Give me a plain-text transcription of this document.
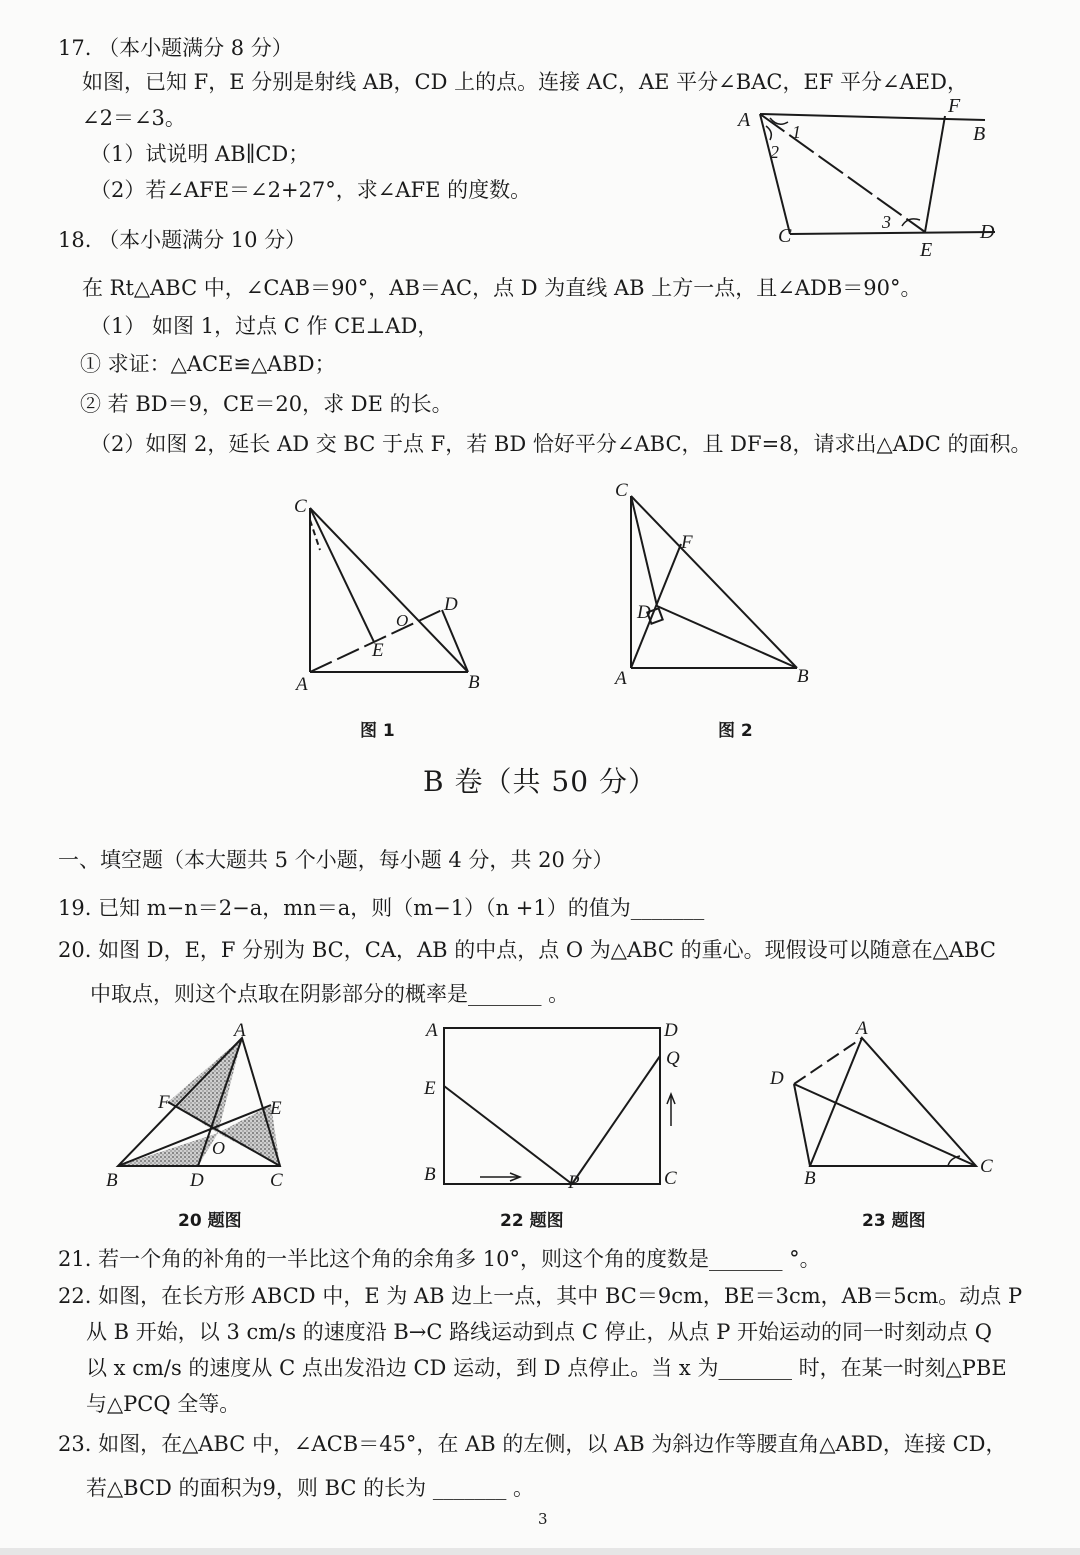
17. （本小题满分 8 分）
如图，已知 F，E 分别是射线 AB，CD 上的点。连接 AC，AE 平分∠BAC，EF 平分∠AED，
∠2＝∠3。
（1）试说明 AB∥CD；
（2）若∠AFE＝∠2+27°，求∠AFE 的度数。
A
F
B
C
E
D
1
2
3
18. （本小题满分 10 分）
在 Rt△ABC 中，∠CAB＝90°，AB＝AC，点 D 为直线 AB 上方一点，且∠ADB＝90°。
（1） 如图 1，过点 C 作 CE⊥AD，
① 求证：△ACE≌△ABD；
② 若 BD＝9，CE＝20，求 DE 的长。
（2）如图 2，延长 AD 交 BC 于点 F，若 BD 恰好平分∠ABC，且 DF=8，请求出△ADC 的面积。
C
D
O
E
A	B
图 1
C
F
D
A	B
图 2
B 卷（共 50 分）
一、填空题（本大题共 5 个小题，每小题 4 分，共 20 分）
19. 已知 m−n＝2−a，mn＝a，则（m−1）（n +1）的值为_______
20. 如图 D，E，F 分别为 BC，CA，AB 的中点，点 O 为△ABC 的重心。现假设可以随意在△ABC
中取点，则这个点取在阴影部分的概率是_______ 。
A
F	E
O
B	D	C
20 题图
A	D
Q
E
B	P	C
22 题图
A
D
B
C
23 题图
21. 若一个角的补角的一半比这个角的余角多 10°，则这个角的度数是_______ °。
22. 如图，在长方形 ABCD 中，E 为 AB 边上一点，其中 BC＝9cm，BE＝3cm，AB＝5cm。动点 P
从 B 开始，以 3 cm/s 的速度沿 B→C 路线运动到点 C 停止，从点 P 开始运动的同一时刻动点 Q
以 x cm/s 的速度从 C 点出发沿边 CD 运动，到 D 点停止。当 x 为_______ 时，在某一时刻△PBE
与△PCQ 全等。
23. 如图，在△ABC 中，∠ACB＝45°，在 AB 的左侧，以 AB 为斜边作等腰直角△ABD，连接 CD，
若△BCD 的面积为9，则 BC 的长为 _______ 。
3
